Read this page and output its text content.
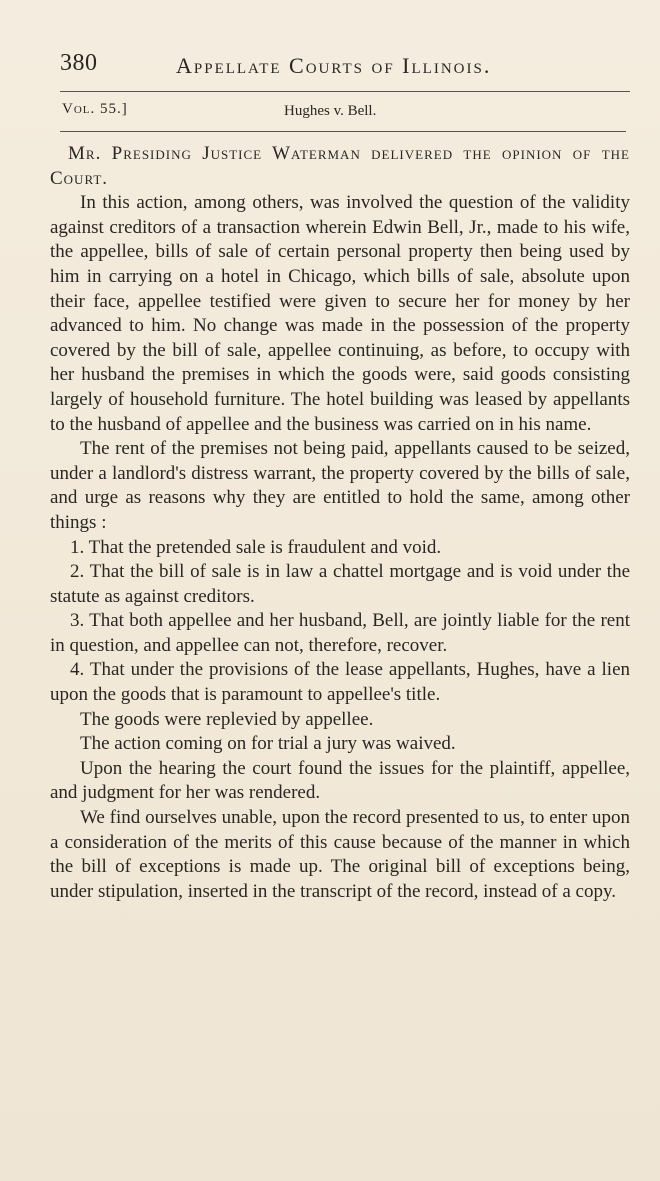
380	Appellate Courts of Illinois.
Vol. 55.]	Hughes v. Bell.

Mr. Presiding Justice Waterman delivered the opinion of the Court.

In this action, among others, was involved the question of the validity against creditors of a transaction wherein Edwin Bell, Jr., made to his wife, the appellee, bills of sale of certain personal property then being used by him in carrying on a hotel in Chicago, which bills of sale, absolute upon their face, appellee testified were given to secure her for money by her advanced to him. No change was made in the possession of the property covered by the bill of sale, appellee continuing, as before, to occupy with her husband the premises in which the goods were, said goods consisting largely of household furniture. The hotel building was leased by appellants to the husband of appellee and the business was carried on in his name.

The rent of the premises not being paid, appellants caused to be seized, under a landlord's distress warrant, the property covered by the bills of sale, and urge as reasons why they are entitled to hold the same, among other things :

1. That the pretended sale is fraudulent and void.

2. That the bill of sale is in law a chattel mortgage and is void under the statute as against creditors.

3. That both appellee and her husband, Bell, are jointly liable for the rent in question, and appellee can not, therefore, recover.

4. That under the provisions of the lease appellants, Hughes, have a lien upon the goods that is paramount to appellee's title.

The goods were replevied by appellee.

The action coming on for trial a jury was waived.

Upon the hearing the court found the issues for the plaintiff, appellee, and judgment for her was rendered.

We find ourselves unable, upon the record presented to us, to enter upon a consideration of the merits of this cause because of the manner in which the bill of exceptions is made up. The original bill of exceptions being, under stipulation, inserted in the transcript of the record, instead of a copy.
